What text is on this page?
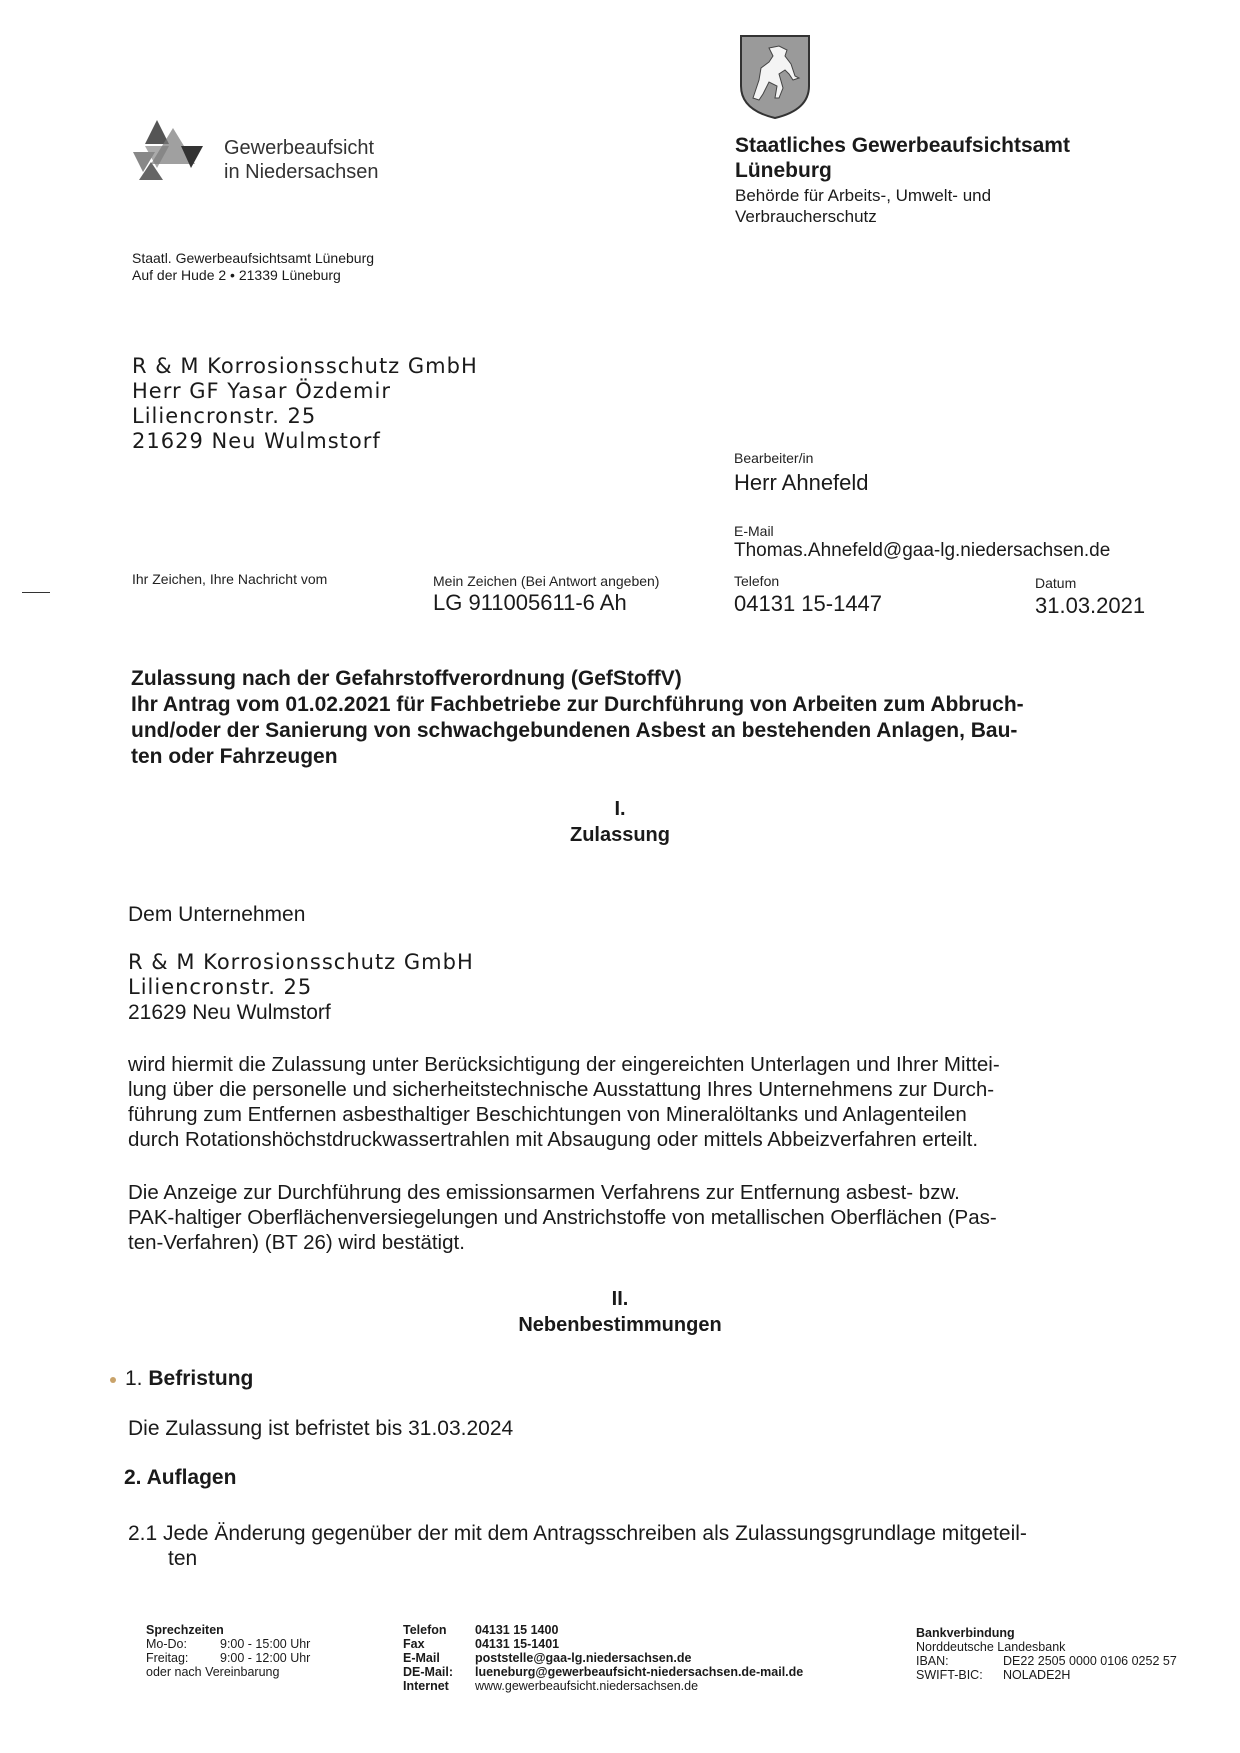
Gewerbeaufsicht
in Niedersachsen
Staatliches Gewerbeaufsichtsamt
Lüneburg
Behörde für Arbeits-, Umwelt- und
Verbraucherschutz
Staatl. Gewerbeaufsichtsamt Lüneburg
Auf der Hude 2 • 21339 Lüneburg
R & M Korrosionsschutz GmbH
Herr GF Yasar Özdemir
Liliencronstr. 25
21629 Neu Wulmstorf
Bearbeiter/in
Herr Ahnefeld
E-Mail
Thomas.Ahnefeld@gaa-lg.niedersachsen.de
Ihr Zeichen, Ihre Nachricht vom	Mein Zeichen (Bei Antwort angeben)
LG 911005611-6 Ah
Telefon
04131 15-1447
Datum
31.03.2021
Zulassung nach der Gefahrstoffverordnung (GefStoffV)
Ihr Antrag vom 01.02.2021 für Fachbetriebe zur Durchführung von Arbeiten zum Abbruch-
und/oder der Sanierung von schwachgebundenen Asbest an bestehenden Anlagen, Bau-
ten oder Fahrzeugen
I.
Zulassung
Dem Unternehmen
R & M Korrosionsschutz GmbH
Liliencronstr. 25
21629 Neu Wulmstorf
wird hiermit die Zulassung unter Berücksichtigung der eingereichten Unterlagen und Ihrer Mittei-
lung über die personelle und sicherheitstechnische Ausstattung Ihres Unternehmens zur Durch-
führung zum Entfernen asbesthaltiger Beschichtungen von Mineralöltanks und Anlagenteilen
durch Rotationshöchstdruckwassertrahlen mit Absaugung oder mittels Abbeizverfahren erteilt.
Die Anzeige zur Durchführung des emissionsarmen Verfahrens zur Entfernung asbest- bzw.
PAK-haltiger Oberflächenversiegelungen und Anstrichstoffe von metallischen Oberflächen (Pas-
ten-Verfahren) (BT 26) wird bestätigt.
II.
Nebenbestimmungen
1. Befristung
Die Zulassung ist befristet bis 31.03.2024
2. Auflagen
2.1 Jede Änderung gegenüber der mit dem Antragsschreiben als Zulassungsgrundlage mitgeteil-
ten
Sprechzeiten
Mo-Do:	9:00 - 15:00 Uhr
Freitag:	9:00 - 12:00 Uhr
oder nach Vereinbarung
Telefon	04131 15 1400
Fax	04131 15-1401
E-Mail	poststelle@gaa-lg.niedersachsen.de
DE-Mail:	lueneburg@gewerbeaufsicht-niedersachsen.de-mail.de
Internet	www.gewerbeaufsicht.niedersachsen.de
Bankverbindung
Norddeutsche Landesbank
IBAN:	DE22 2505 0000 0106 0252 57
SWIFT-BIC:	NOLADE2H
